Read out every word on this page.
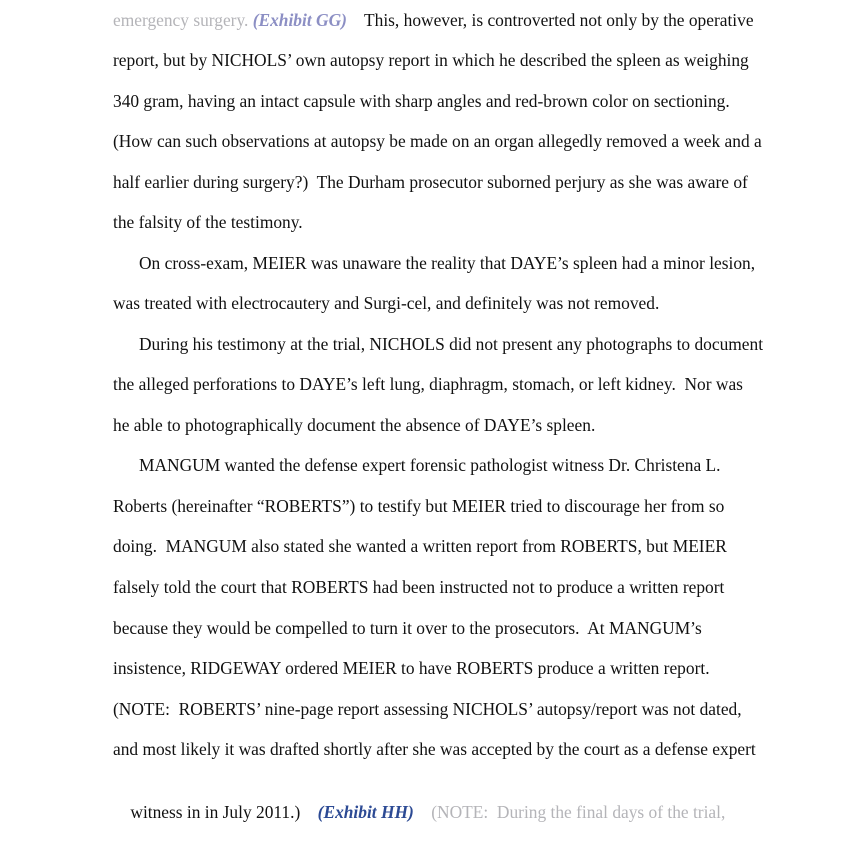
emergency surgery. (Exhibit GG)    This, however, is controverted not only by the operative
report, but by NICHOLS’ own autopsy report in which he described the spleen as weighing
340 gram, having an intact capsule with sharp angles and red-brown color on sectioning.
(How can such observations at autopsy be made on an organ allegedly removed a week and a
half earlier during surgery?)  The Durham prosecutor suborned perjury as she was aware of
the falsity of the testimony.
On cross-exam, MEIER was unaware the reality that DAYE’s spleen had a minor lesion,
was treated with electrocautery and Surgi-cel, and definitely was not removed.
During his testimony at the trial, NICHOLS did not present any photographs to document
the alleged perforations to DAYE’s left lung, diaphragm, stomach, or left kidney.  Nor was
he able to photographically document the absence of DAYE’s spleen.
MANGUM wanted the defense expert forensic pathologist witness Dr. Christena L.
Roberts (hereinafter “ROBERTS”) to testify but MEIER tried to discourage her from so
doing.  MANGUM also stated she wanted a written report from ROBERTS, but MEIER
falsely told the court that ROBERTS had been instructed not to produce a written report
because they would be compelled to turn it over to the prosecutors.  At MANGUM’s
insistence, RIDGEWAY ordered MEIER to have ROBERTS produce a written report.
(NOTE:  ROBERTS’ nine-page report assessing NICHOLS’ autopsy/report was not dated,
and most likely it was drafted shortly after she was accepted by the court as a defense expert

witness in in July 2011.)    (Exhibit HH)    (NOTE:  During the final days of the trial,
